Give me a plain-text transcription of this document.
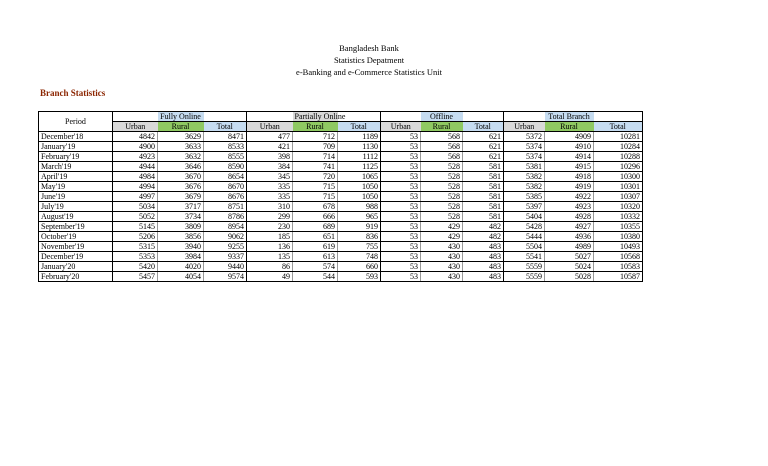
Bangladesh Bank
Statistics Depatment
e-Banking and e-Commerce Statistics Unit
Branch Statistics
Period		Fully Online			Partially Online			Offline			Total Branch	
	Urban	Rural	Total	Urban	Rural	Total	Urban	Rural	Total	Urban	Rural	Total
December'18	4842	3629	8471	477	712	1189	53	568	621	5372	4909	10281
January'19	4900	3633	8533	421	709	1130	53	568	621	5374	4910	10284
February'19	4923	3632	8555	398	714	1112	53	568	621	5374	4914	10288
March'19	4944	3646	8590	384	741	1125	53	528	581	5381	4915	10296
April'19	4984	3670	8654	345	720	1065	53	528	581	5382	4918	10300
May'19	4994	3676	8670	335	715	1050	53	528	581	5382	4919	10301
June'19	4997	3679	8676	335	715	1050	53	528	581	5385	4922	10307
July'19	5034	3717	8751	310	678	988	53	528	581	5397	4923	10320
August'19	5052	3734	8786	299	666	965	53	528	581	5404	4928	10332
September'19	5145	3809	8954	230	689	919	53	429	482	5428	4927	10355
October'19	5206	3856	9062	185	651	836	53	429	482	5444	4936	10380
November'19	5315	3940	9255	136	619	755	53	430	483	5504	4989	10493
December'19	5353	3984	9337	135	613	748	53	430	483	5541	5027	10568
January'20	5420	4020	9440	86	574	660	53	430	483	5559	5024	10583
February'20	5457	4054	9574	49	544	593	53	430	483	5559	5028	10587
